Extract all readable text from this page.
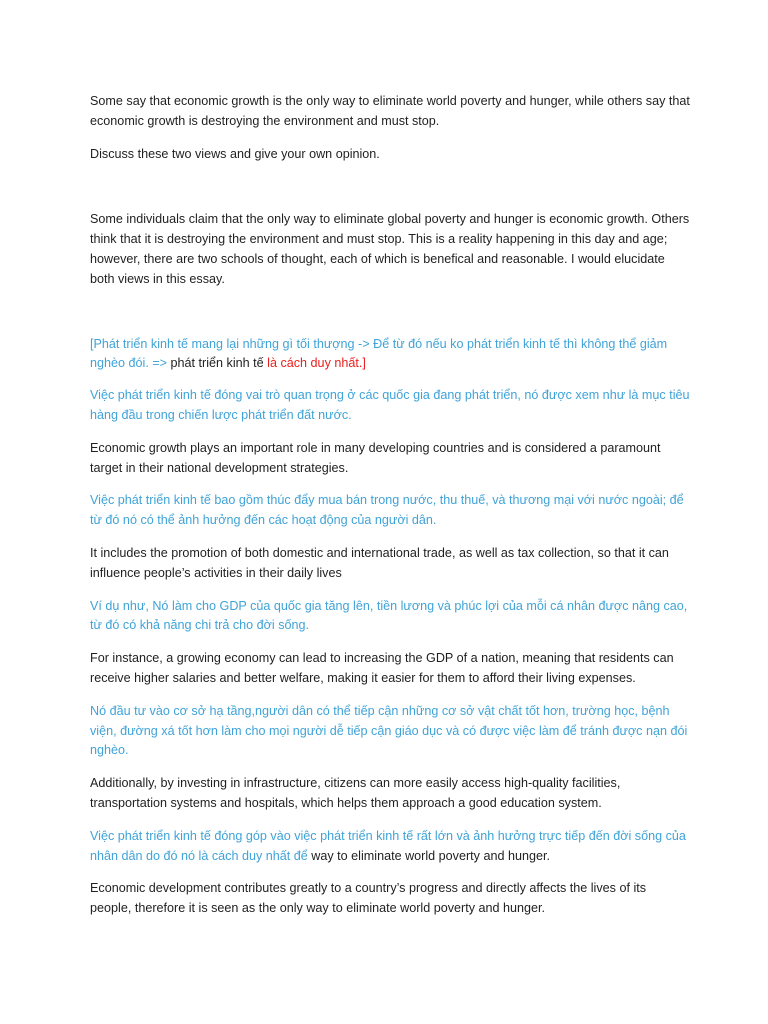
Some say that economic growth is the only way to eliminate world poverty and hunger, while others say that economic growth is destroying the environment and must stop.

Discuss these two views and give your own opinion.

Some individuals claim that the only way to eliminate global poverty and hunger is economic growth. Others think that it is destroying the environment and must stop. This is a reality happening in this day and age; however, there are two schools of thought, each of which is benefical and reasonable. I would elucidate both views in this essay.

[Phát triển kinh tế mang lại những gì tối thượng -> Để từ đó nếu ko phát triển kinh tế thì không thể giảm nghèo đói. => phát triển kinh tế là cách duy nhất.]

Việc phát triển kinh tế đóng vai trò quan trọng ở các quốc gia đang phát triển, nó được xem như là mục tiêu hàng đầu trong chiến lược phát triển đất nước.

Economic growth plays an important role in many developing countries and is considered a paramount target in their national development strategies.

Việc phát triển kinh tế bao gồm thúc đẩy mua bán trong nước, thu thuế, và thương mại với nước ngoài; để từ đó nó có thể ảnh hưởng đến các hoạt động của người dân.

It includes the promotion of both domestic and international trade, as well as tax collection, so that it can influence people’s activities in their daily lives

Ví dụ như, Nó làm cho GDP của quốc gia tăng lên, tiền lương và phúc lợi của mỗi cá nhân được nâng cao, từ đó có khả năng chi trả cho đời sống.

For instance, a growing economy can lead to increasing the GDP of a nation, meaning that residents can receive higher salaries and better welfare, making it easier for them to afford their living expenses.

Nó đầu tư vào cơ sở hạ tầng,người dân có thể tiếp cận những cơ sở vật chất tốt hơn, trường học, bệnh viện, đường xá tốt hơn làm cho mọi người dễ tiếp cận giáo dục và có được việc làm để tránh được nạn đói nghèo.

Additionally, by investing in infrastructure, citizens can more easily access high-quality facilities, transportation systems and hospitals, which helps them approach a good education system.

Việc phát triển kinh tế đóng góp vào việc phát triển kinh tế rất lớn và ảnh hưởng trực tiếp đến đời sống của nhân dân do đó nó là cách duy nhất để way to eliminate world poverty and hunger.

Economic development contributes greatly to a country’s progress and directly affects the lives of its people, therefore it is seen as the only way to eliminate world poverty and hunger.
